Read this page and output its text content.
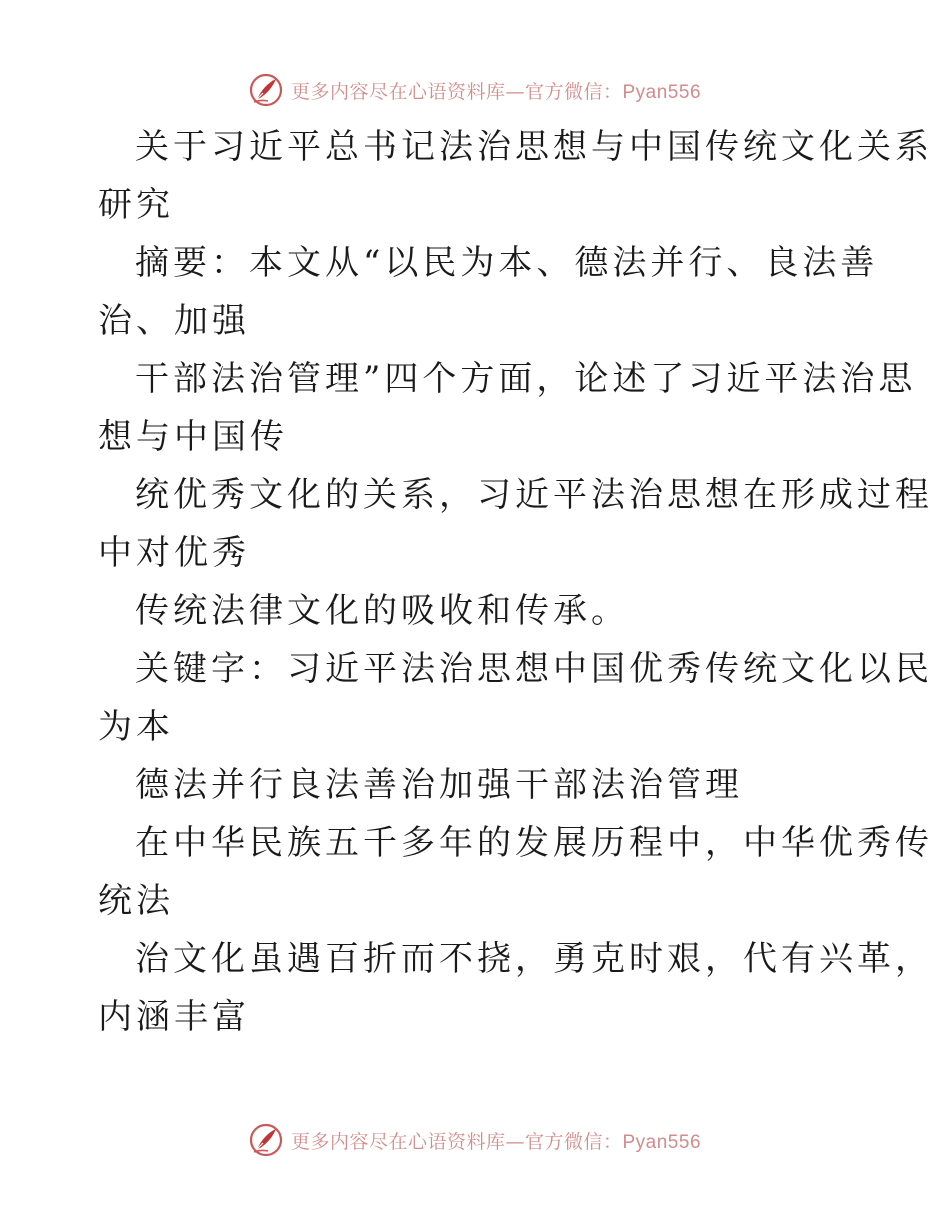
更多内容尽在心语资料库—官方微信：Pyan556
关于习近平总书记法治思想与中国传统文化关系
研究
摘要：本文从“以民为本、德法并行、良法善
治、加强
干部法治管理”四个方面，论述了习近平法治思
想与中国传
统优秀文化的关系，习近平法治思想在形成过程
中对优秀
传统法律文化的吸收和传承。
关键字：习近平法治思想中国优秀传统文化以民
为本
德法并行良法善治加强干部法治管理
在中华民族五千多年的发展历程中，中华优秀传
统法
治文化虽遇百折而不挠，勇克时艰，代有兴革，
内涵丰富
更多内容尽在心语资料库—官方微信：Pyan556
